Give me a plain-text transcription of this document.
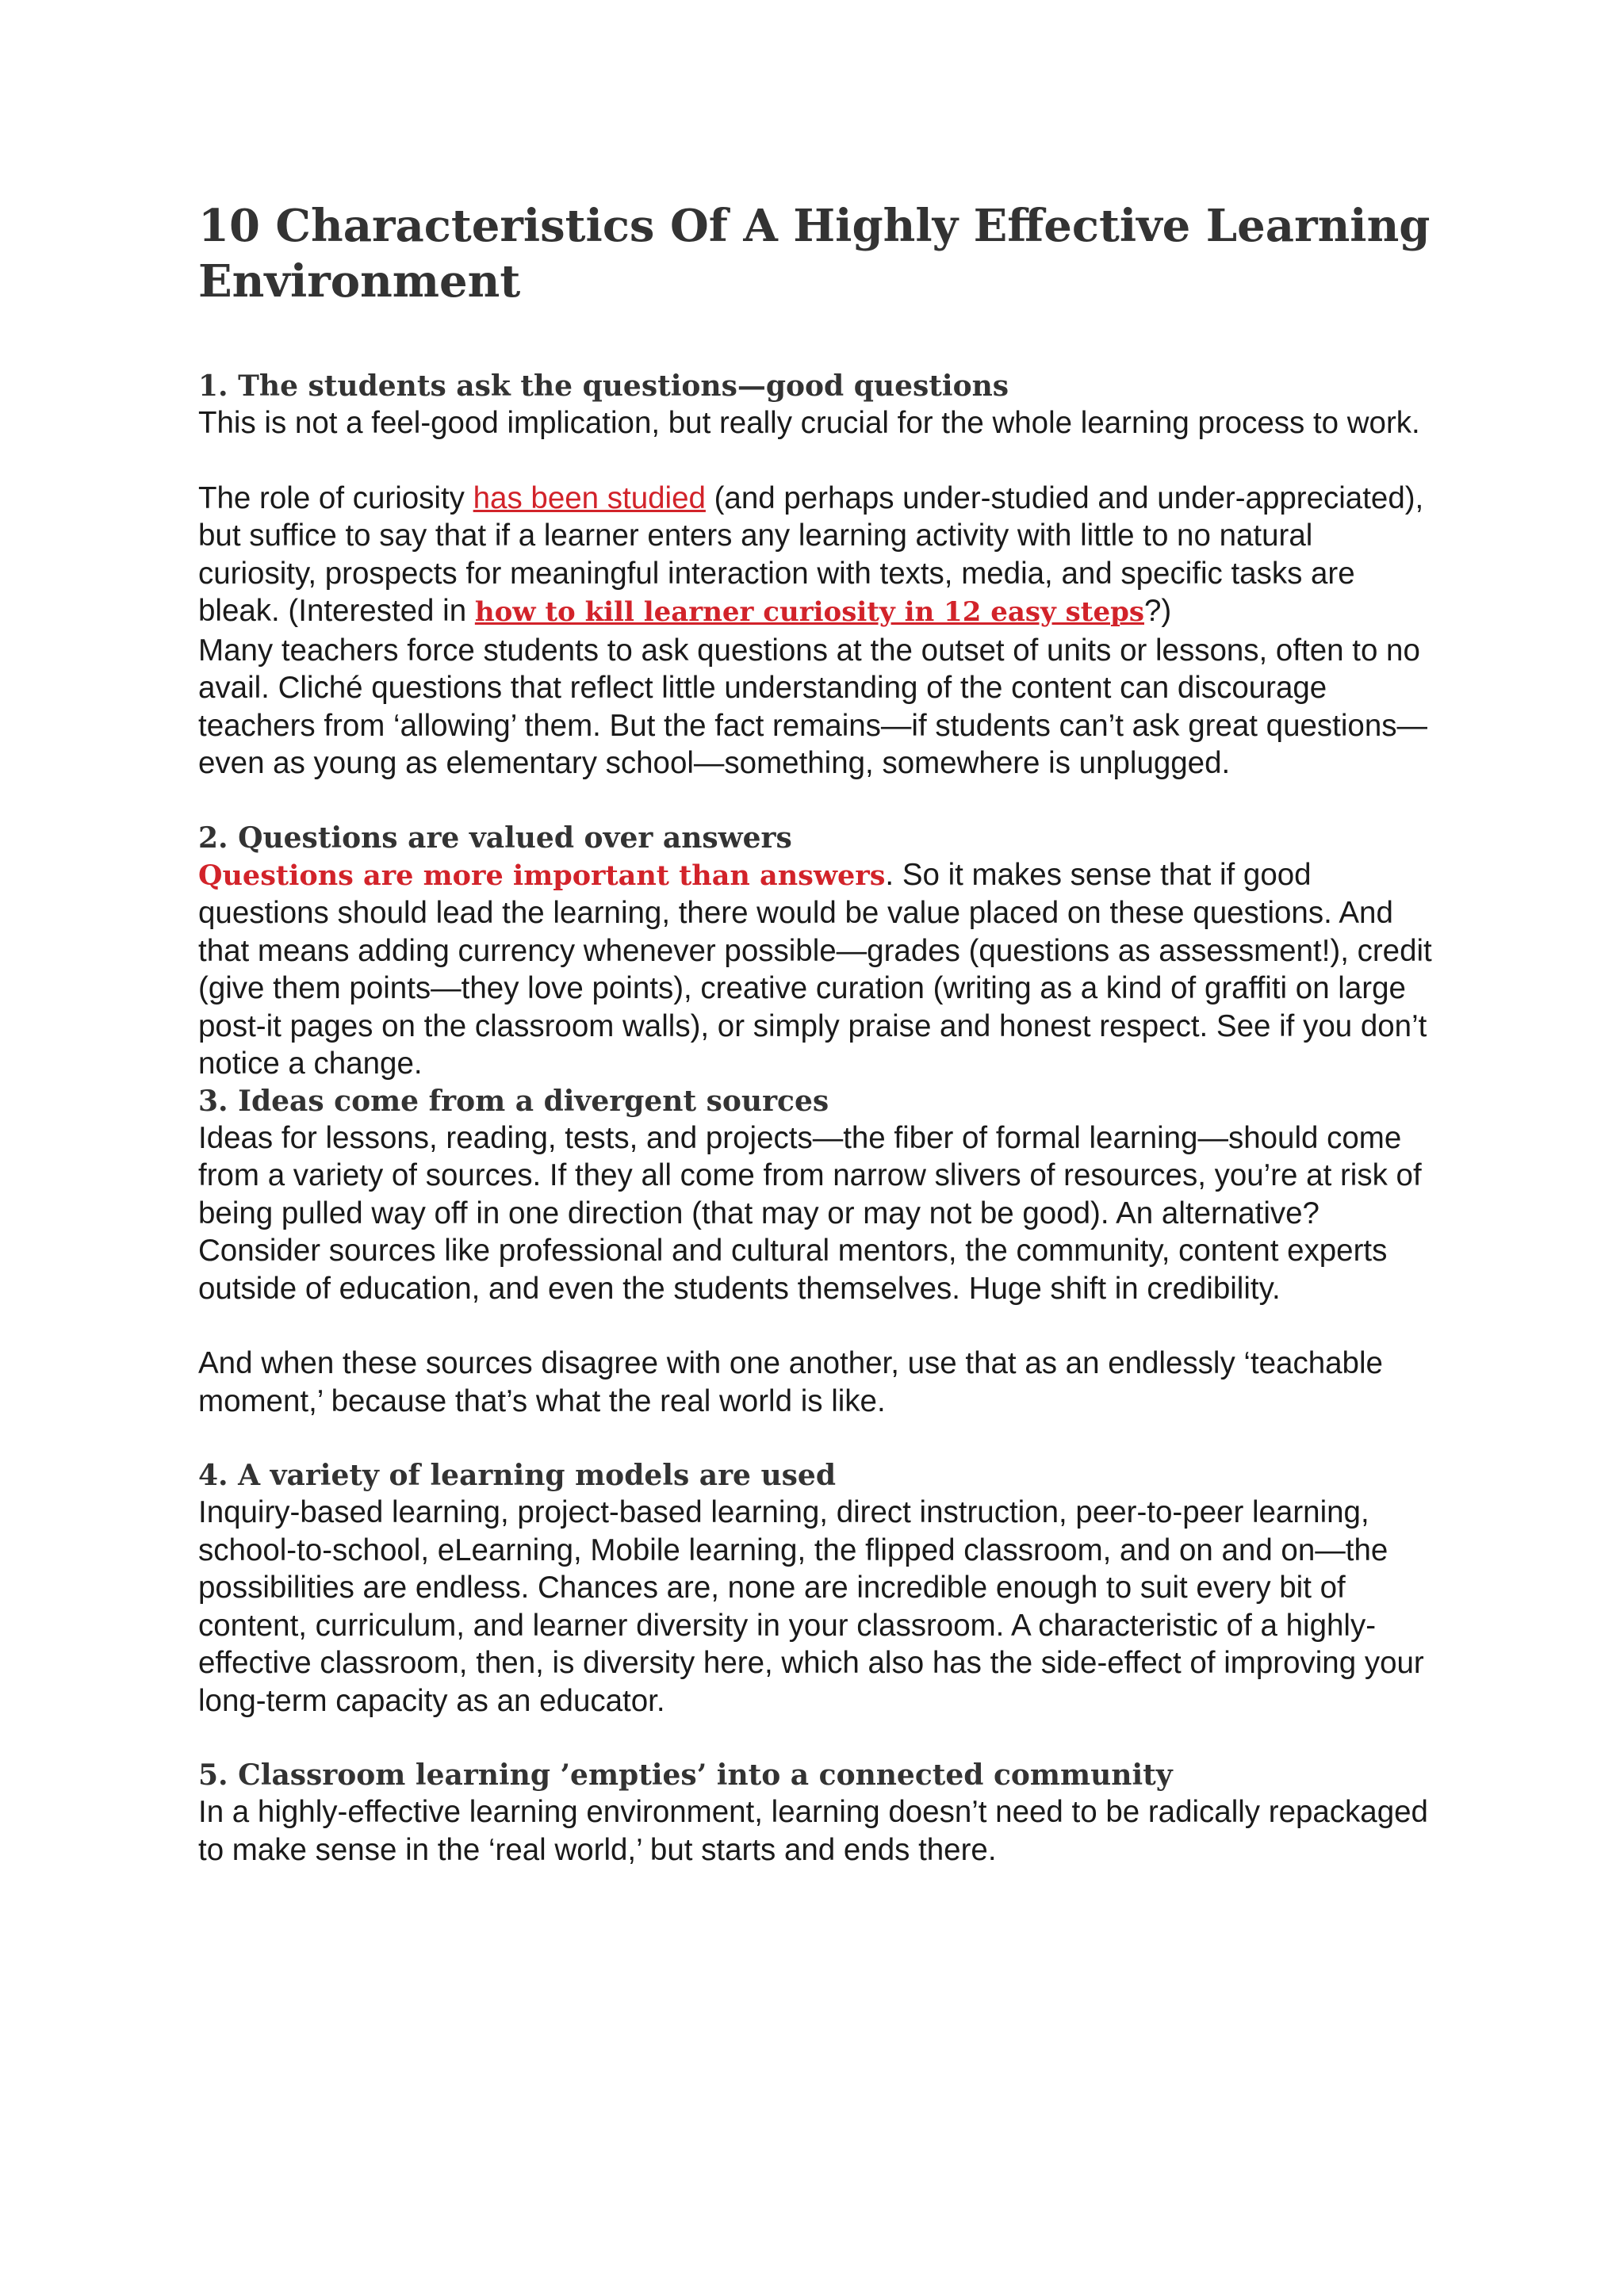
10 Characteristics Of A Highly Effective Learning Environment
1. The students ask the questions—good questions

This is not a feel-good implication, but really crucial for the whole learning process to work.

The role of curiosity has been studied (and perhaps under-studied and under-appreciated), but suffice to say that if a learner enters any learning activity with little to no natural curiosity, prospects for meaningful interaction with texts, media, and specific tasks are bleak. (Interested in how to kill learner curiosity in 12 easy steps?)

Many teachers force students to ask questions at the outset of units or lessons, often to no avail. Cliché questions that reflect little understanding of the content can discourage teachers from ‘allowing’ them. But the fact remains—if students can’t ask great questions—even as young as elementary school—something, somewhere is unplugged.

2. Questions are valued over answers

Questions are more important than answers. So it makes sense that if good questions should lead the learning, there would be value placed on these questions. And that means adding currency whenever possible—grades (questions as assessment!), credit (give them points—they love points), creative curation (writing as a kind of graffiti on large post-it pages on the classroom walls), or simply praise and honest respect. See if you don’t notice a change.

3. Ideas come from a divergent sources

Ideas for lessons, reading, tests, and projects—the fiber of formal learning—should come from a variety of sources. If they all come from narrow slivers of resources, you’re at risk of being pulled way off in one direction (that may or may not be good). An alternative? Consider sources like professional and cultural mentors, the community, content experts outside of education, and even the students themselves. Huge shift in credibility.

And when these sources disagree with one another, use that as an endlessly ‘teachable moment,’ because that’s what the real world is like.

4. A variety of learning models are used

Inquiry-based learning, project-based learning, direct instruction, peer-to-peer learning, school-to-school, eLearning, Mobile learning, the flipped classroom, and on and on—the possibilities are endless. Chances are, none are incredible enough to suit every bit of content, curriculum, and learner diversity in your classroom. A characteristic of a highly-effective classroom, then, is diversity here, which also has the side-effect of improving your long-term capacity as an educator.

5. Classroom learning ’empties’ into a connected community

In a highly-effective learning environment, learning doesn’t need to be radically repackaged to make sense in the ‘real world,’ but starts and ends there.
